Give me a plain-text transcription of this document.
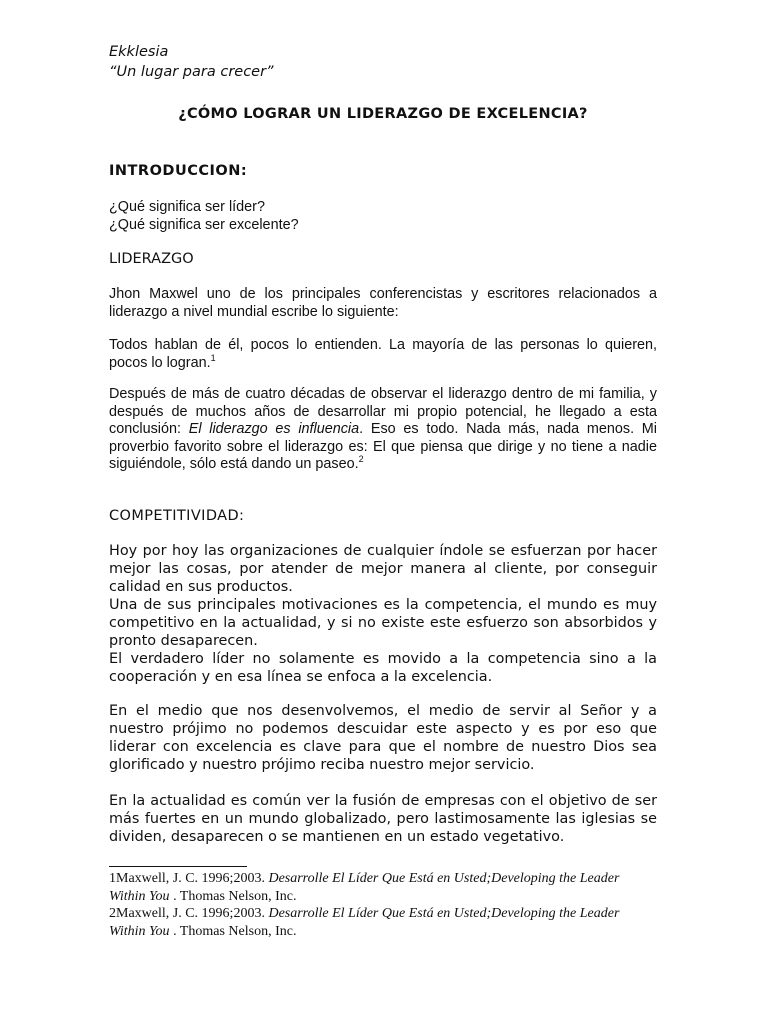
Ekklesia
“Un lugar para crecer”
¿CÓMO LOGRAR UN LIDERAZGO DE EXCELENCIA?
INTRODUCCION:
¿Qué significa ser líder?
¿Qué significa ser excelente?
LIDERAZGO

Jhon Maxwel uno de los principales conferencistas y escritores relacionados a liderazgo a nivel mundial escribe lo siguiente:

Todos hablan de él, pocos lo entienden. La mayoría de las personas lo quieren, pocos lo logran.$^1$

Después de más de cuatro décadas de observar el liderazgo dentro de mi familia, y después de muchos años de desarrollar mi propio potencial, he llegado a esta conclusión: El liderazgo es influencia. Eso es todo. Nada más, nada menos. Mi proverbio favorito sobre el liderazgo es: El que piensa que dirige y no tiene a nadie siguiéndole, sólo está dando un paseo.$^2$

COMPETITIVIDAD:
Hoy por hoy las organizaciones de cualquier índole se esfuerzan por hacer mejor las cosas, por atender de mejor manera al cliente, por conseguir calidad en sus productos.
Una de sus principales motivaciones es la competencia, el mundo es muy competitivo en la actualidad, y si no existe este esfuerzo son absorbidos y pronto desaparecen.
El verdadero líder no solamente es movido a la competencia sino a la cooperación y en esa línea se enfoca a la excelencia.

En el medio que nos desenvolvemos, el medio de servir al Señor y a nuestro prójimo no podemos descuidar este aspecto y es por eso que liderar con excelencia es clave para que el nombre de nuestro Dios sea glorificado y nuestro prójimo reciba nuestro mejor servicio.

En la actualidad es común ver la fusión de empresas con el objetivo de ser más fuertes en un mundo globalizado, pero lastimosamente las iglesias se dividen, desaparecen o se mantienen en un estado vegetativo.

1Maxwell, J. C. 1996;2003. Desarrolle El Líder Que Está en Usted;Developing the Leader Within You . Thomas Nelson, Inc.
2Maxwell, J. C. 1996;2003. Desarrolle El Líder Que Está en Usted;Developing the Leader Within You . Thomas Nelson, Inc.
